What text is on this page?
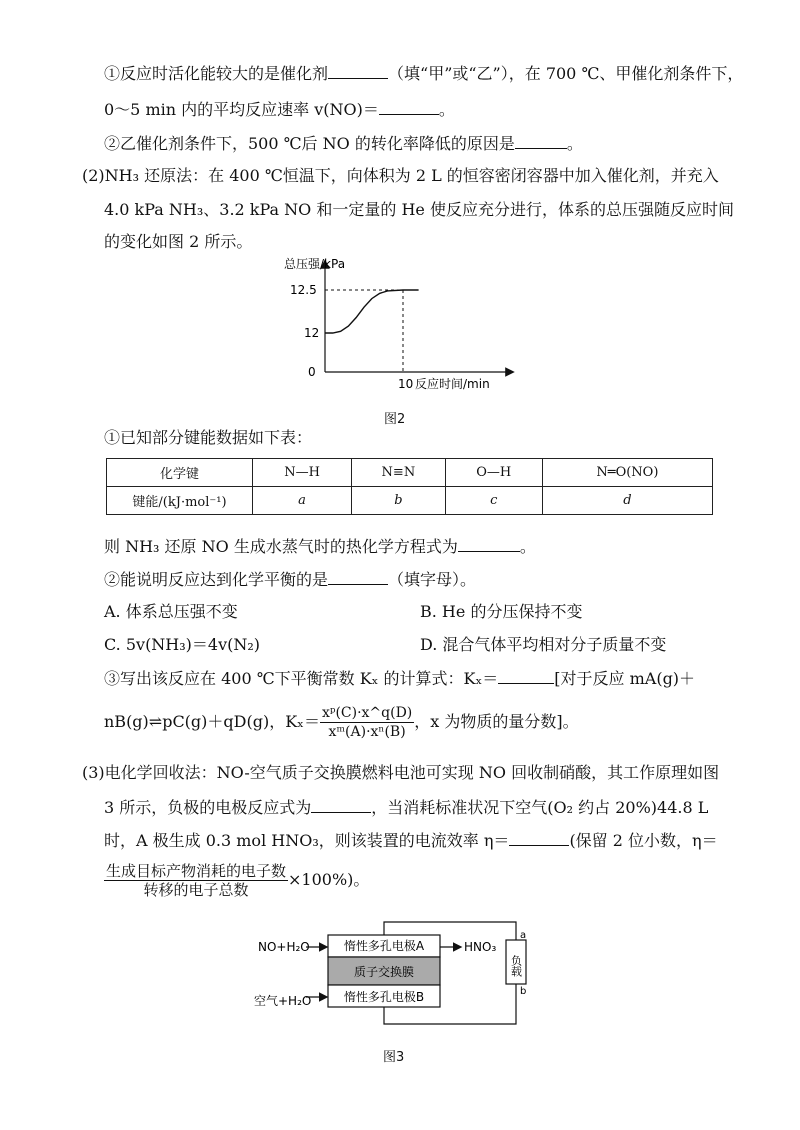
①反应时活化能较大的是催化剂	（填“甲”或“乙”），在 700 ℃、甲催化剂条件下，
0～5 min 内的平均反应速率 v(NO)＝	。
②乙催化剂条件下，500 ℃后 NO 的转化率降低的原因是	。
(2)NH₃ 还原法：在 400 ℃恒温下，向体积为 2 L 的恒容密闭容器中加入催化剂，并充入
4.0 kPa NH₃、3.2 kPa NO 和一定量的 He 使反应充分进行，体系的总压强随反应时间
的变化如图 2 所示。
总压强/kPa
12.5
12
0
10 反应时间/min
图2
①已知部分键能数据如下表：
化学键	N—H	N≡N	O—H	N═O(NO)
键能/(kJ·mol⁻¹)	a	b	c	d
则 NH₃ 还原 NO 生成水蒸气时的热化学方程式为	。
②能说明反应达到化学平衡的是	（填字母）。
A. 体系总压强不变	B. He 的分压保持不变
C. 5v(NH₃)＝4v(N₂)	D. 混合气体平均相对分子质量不变
③写出该反应在 400 ℃下平衡常数 Kₓ 的计算式：Kₓ＝	[对于反应 mA(g)＋
nB(g)⇌pC(g)＋qD(g)，$K_x= \frac{\text{xᵖ(C)·x\textasciicircum{}q(D)}}{\text{xᵐ(A)·xⁿ(B)}}$ ，x 为物质的量分数]。
(3)电化学回收法：NO-空气质子交换膜燃料电池可实现 NO 回收制硝酸，其工作原理如图
3 所示，负极的电极反应式为	，当消耗标准状况下空气(O₂ 约占 20%)44.8 L
时，A 极生成 0.3 mol HNO₃，则该装置的电流效率 η＝	(保留 2 位小数，η＝
$\frac{\text{生成目标产物消耗的电子数}}{\text{转移的电子总数}} \times 100\%$)。
惰性多孔电极A
质子交换膜
惰性多孔电极B
NO+H₂O
空气+H₂O
HNO₃
负载
a
b
图3
